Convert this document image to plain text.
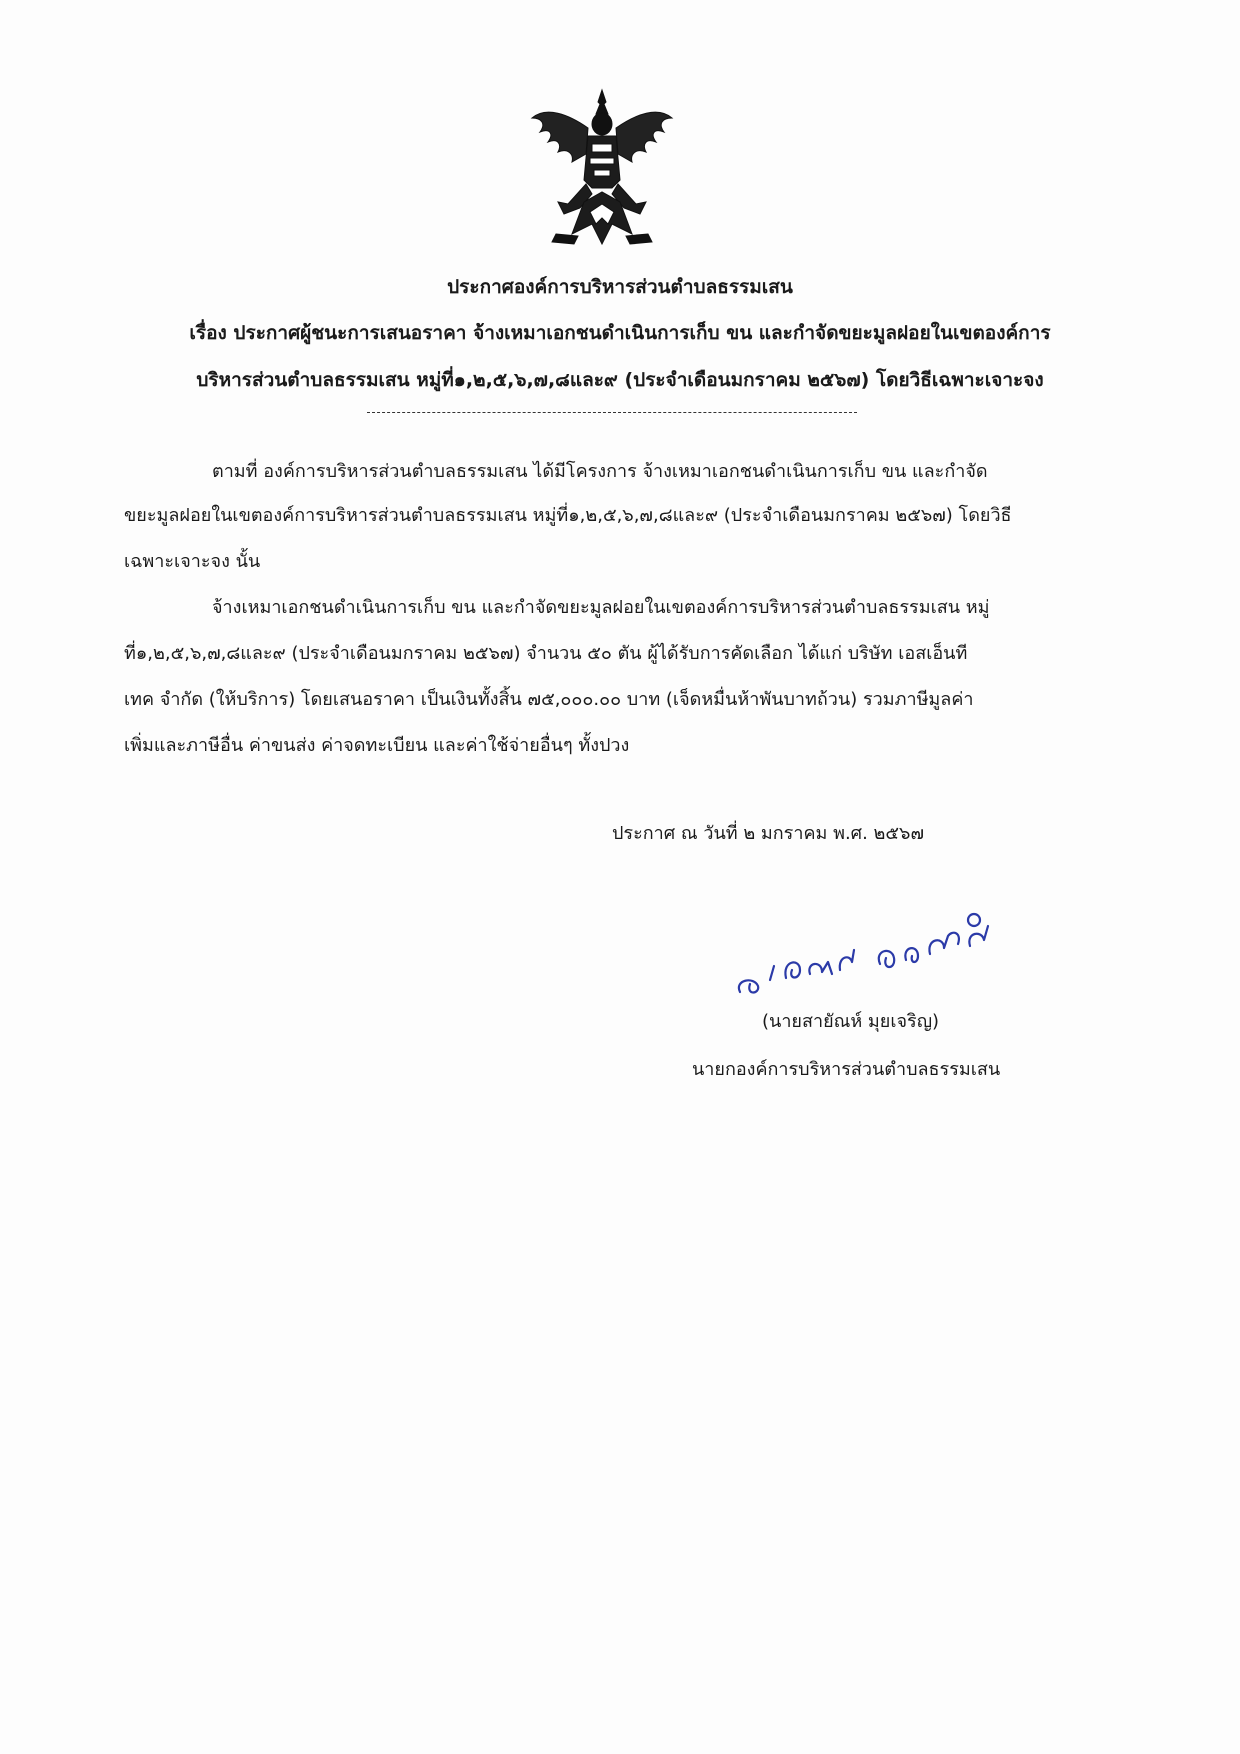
ประกาศองค์การบริหารส่วนตำบลธรรมเสน
เรื่อง ประกาศผู้ชนะการเสนอราคา จ้างเหมาเอกชนดำเนินการเก็บ ขน และกำจัดขยะมูลฝอยในเขตองค์การ
บริหารส่วนตำบลธรรมเสน หมู่ที่๑,๒,๕,๖,๗,๘และ๙ (ประจำเดือนมกราคม ๒๕๖๗) โดยวิธีเฉพาะเจาะจง
ตามที่ องค์การบริหารส่วนตำบลธรรมเสน ได้มีโครงการ จ้างเหมาเอกชนดำเนินการเก็บ ขน และกำจัด
ขยะมูลฝอยในเขตองค์การบริหารส่วนตำบลธรรมเสน หมู่ที่๑,๒,๕,๖,๗,๘และ๙ (ประจำเดือนมกราคม ๒๕๖๗) โดยวิธี
เฉพาะเจาะจง นั้น
จ้างเหมาเอกชนดำเนินการเก็บ ขน และกำจัดขยะมูลฝอยในเขตองค์การบริหารส่วนตำบลธรรมเสน หมู่
ที่๑,๒,๕,๖,๗,๘และ๙ (ประจำเดือนมกราคม ๒๕๖๗) จำนวน ๕๐ ตัน ผู้ได้รับการคัดเลือก ได้แก่ บริษัท เอสเอ็นที
เทค จำกัด (ให้บริการ) โดยเสนอราคา เป็นเงินทั้งสิ้น ๗๕,๐๐๐.๐๐ บาท (เจ็ดหมื่นห้าพันบาทถ้วน) รวมภาษีมูลค่า
เพิ่มและภาษีอื่น ค่าขนส่ง ค่าจดทะเบียน และค่าใช้จ่ายอื่นๆ ทั้งปวง
ประกาศ ณ วันที่ ๒ มกราคม พ.ศ. ๒๕๖๗
(นายสายัณห์ มุยเจริญ)
นายกองค์การบริหารส่วนตำบลธรรมเสน
